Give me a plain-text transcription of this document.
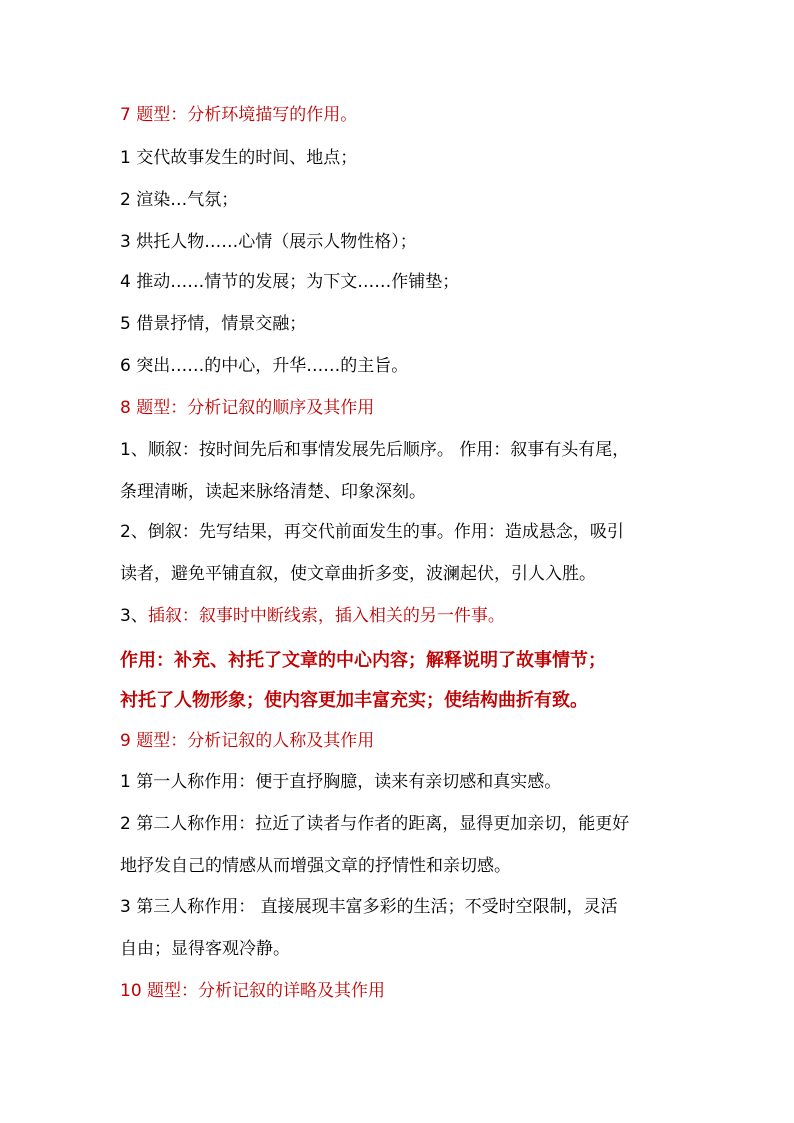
7 题型：分析环境描写的作用。
1 交代故事发生的时间、地点；
2 渲染…气氛；
3 烘托人物……心情（展示人物性格）；
4 推动……情节的发展；为下文……作铺垫；
5 借景抒情，情景交融；
6 突出……的中心，升华……的主旨。
8 题型：分析记叙的顺序及其作用
1、顺叙：按时间先后和事情发展先后顺序。 作用：叙事有头有尾，
条理清晰，读起来脉络清楚、印象深刻。
2、倒叙：先写结果，再交代前面发生的事。作用：造成悬念，吸引
读者，避免平铺直叙，使文章曲折多变，波澜起伏，引人入胜。
3、插叙：叙事时中断线索，插入相关的另一件事。
作用：补充、衬托了文章的中心内容；解释说明了故事情节；
衬托了人物形象；使内容更加丰富充实；使结构曲折有致。
9 题型：分析记叙的人称及其作用
1 第一人称作用：便于直抒胸臆，读来有亲切感和真实感。
2 第二人称作用：拉近了读者与作者的距离，显得更加亲切，能更好
地抒发自己的情感从而增强文章的抒情性和亲切感。
3 第三人称作用： 直接展现丰富多彩的生活；不受时空限制，灵活
自由；显得客观冷静。
10 题型：分析记叙的详略及其作用
